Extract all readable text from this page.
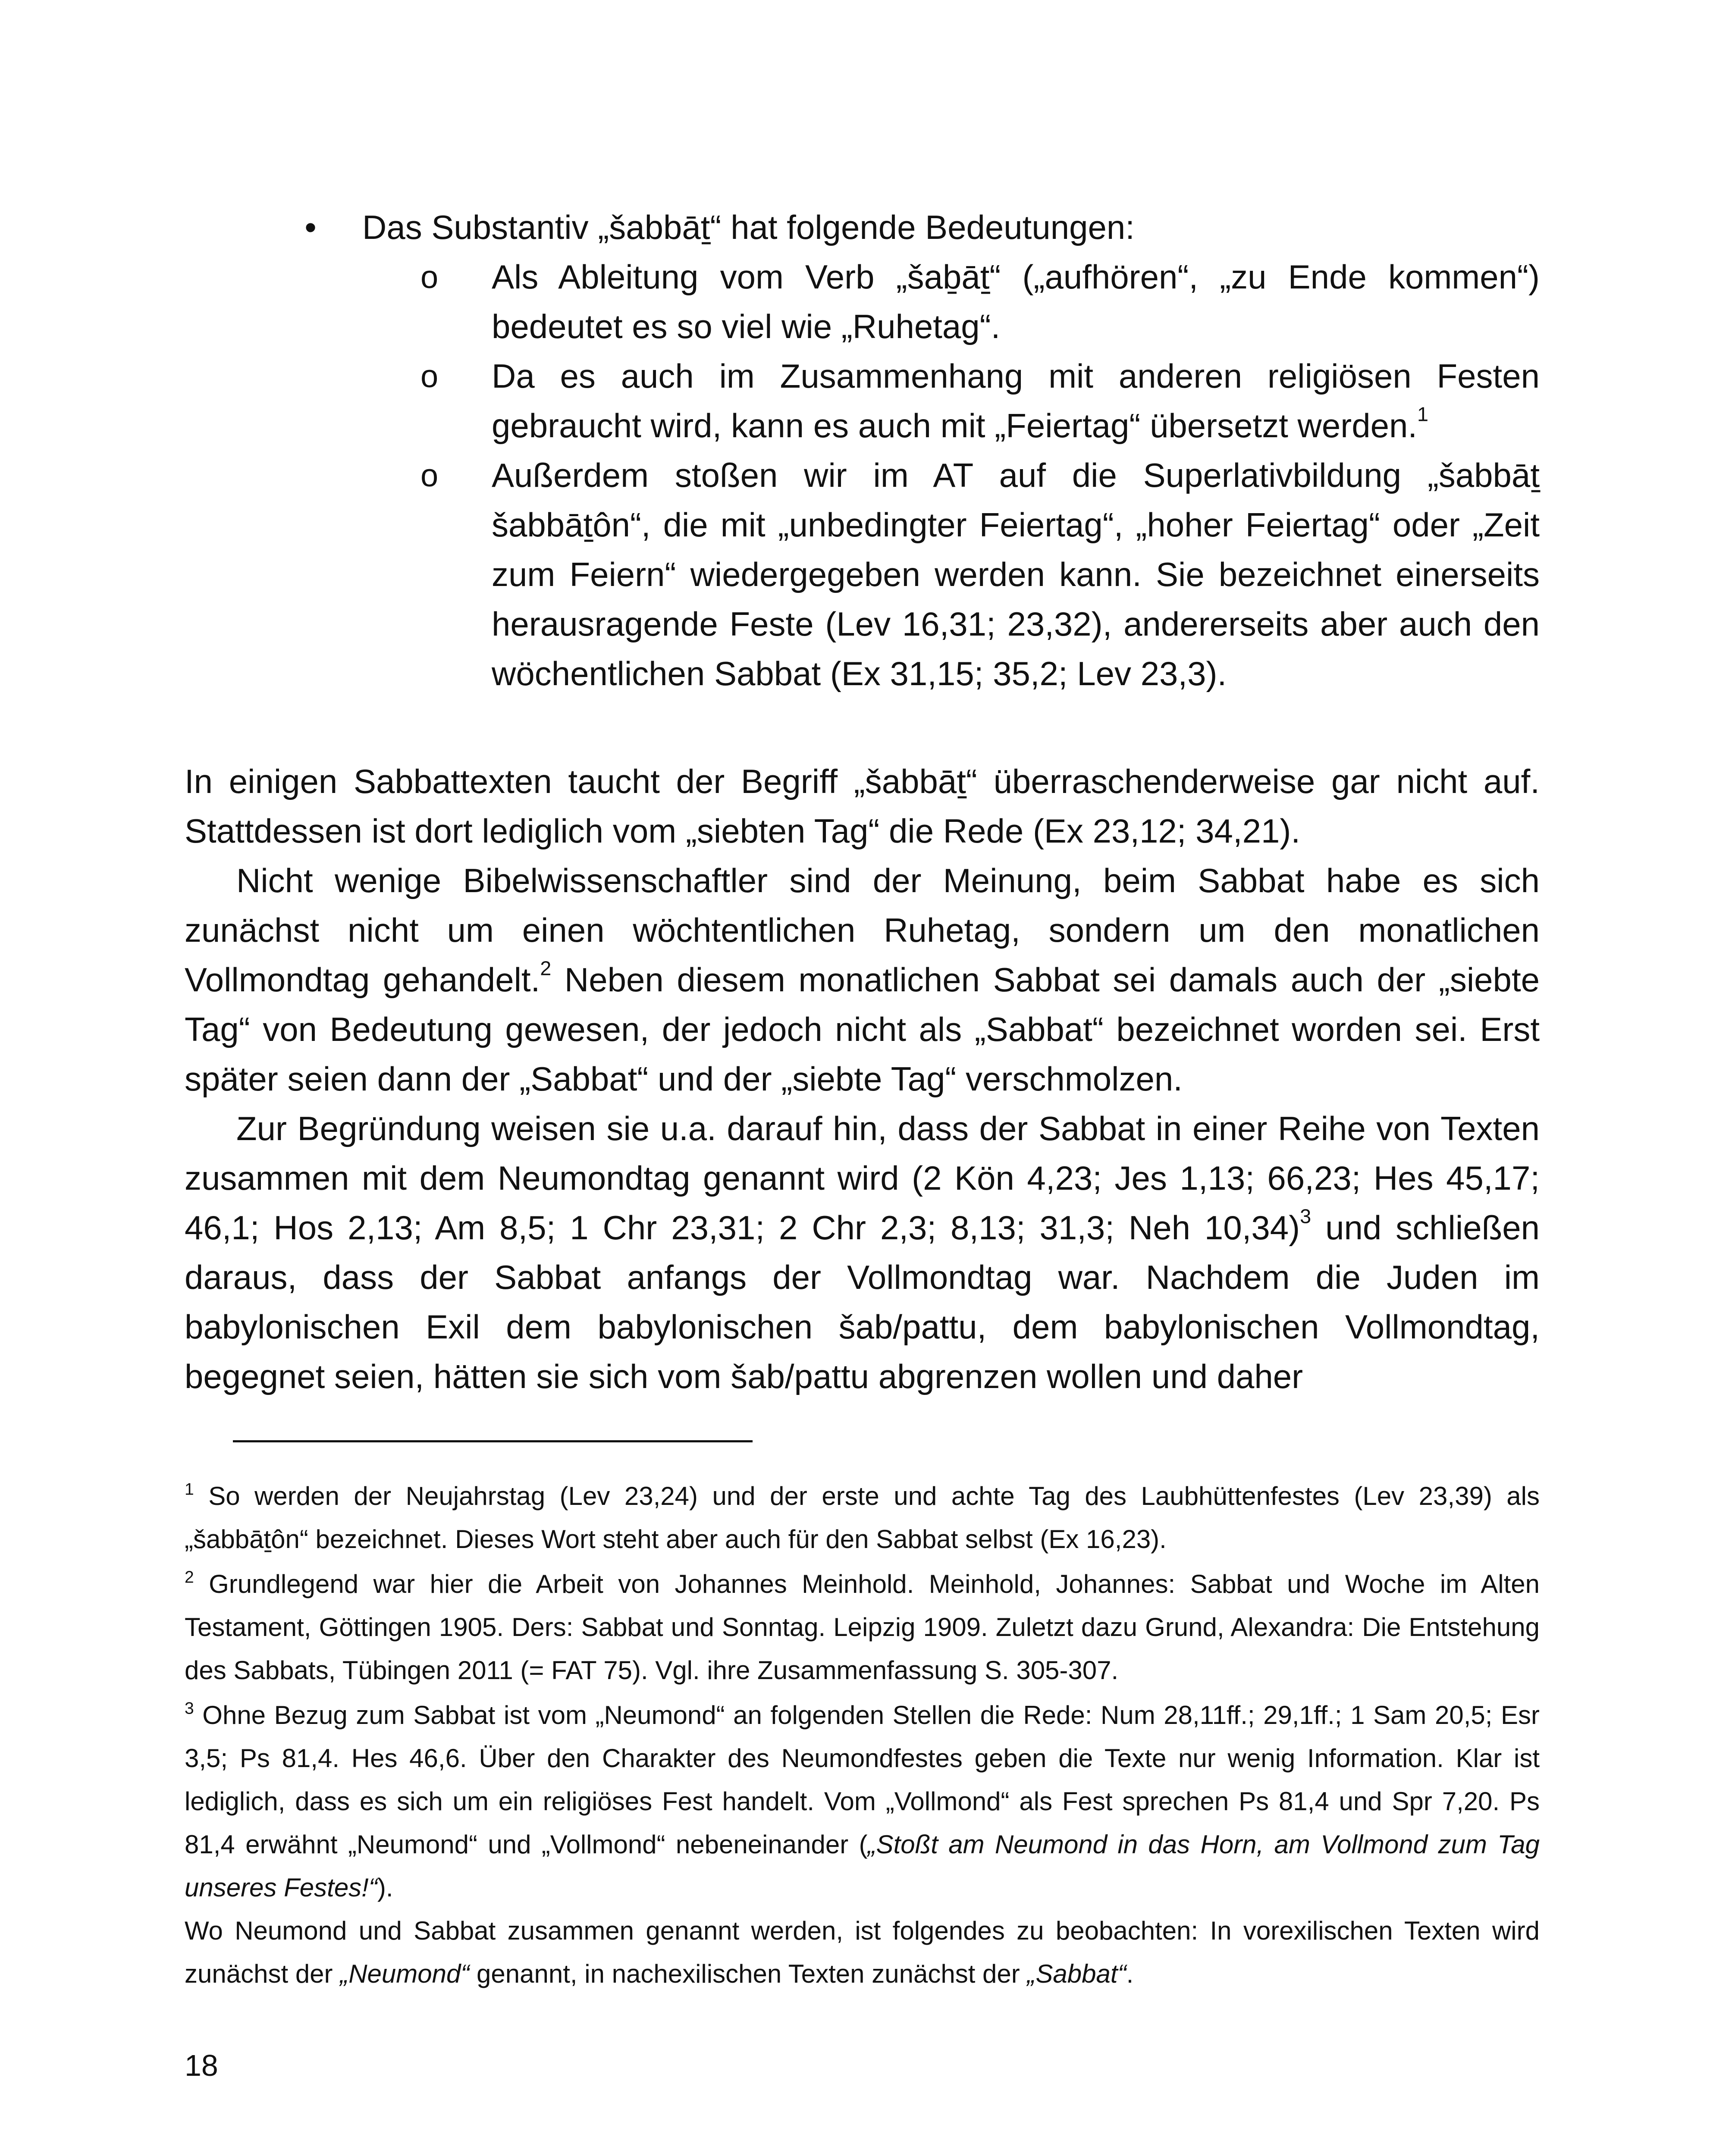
• Das Substantiv „šabbāṯ“ hat folgende Bedeutungen:
o Als Ableitung vom Verb „šaḇāṯ“ („aufhören“, „zu Ende kommen“) bedeutet es so viel wie „Ruhetag“.
o Da es auch im Zusammenhang mit anderen religiösen Festen gebraucht wird, kann es auch mit „Feiertag“ übersetzt werden.$^1$
o Außerdem stoßen wir im AT auf die Superlativbildung „šabbāṯ šabbāṯôn“, die mit „unbedingter Feiertag“, „hoher Feiertag“ oder „Zeit zum Feiern“ wiedergegeben werden kann. Sie bezeichnet einerseits herausragende Feste (Lev 16,31; 23,32), andererseits aber auch den wöchentlichen Sabbat (Ex 31,15; 35,2; Lev 23,3).

In einigen Sabbattexten taucht der Begriff „šabbāṯ“ überraschenderweise gar nicht auf. Stattdessen ist dort lediglich vom „siebten Tag“ die Rede (Ex 23,12; 34,21).

Nicht wenige Bibelwissenschaftler sind der Meinung, beim Sabbat habe es sich zunächst nicht um einen wöchtentlichen Ruhetag, sondern um den monatlichen Vollmondtag gehandelt.$^2$ Neben diesem monatlichen Sabbat sei damals auch der „siebte Tag“ von Bedeutung gewesen, der jedoch nicht als „Sabbat“ bezeichnet worden sei. Erst später seien dann der „Sabbat“ und der „siebte Tag“ verschmolzen.

Zur Begründung weisen sie u.a. darauf hin, dass der Sabbat in einer Reihe von Texten zusammen mit dem Neumondtag genannt wird (2 Kön 4,23; Jes 1,13; 66,23; Hes 45,17; 46,1; Hos 2,13; Am 8,5; 1 Chr 23,31; 2 Chr 2,3; 8,13; 31,3; Neh 10,34)$^3$ und schließen daraus, dass der Sabbat anfangs der Vollmondtag war. Nachdem die Juden im babylonischen Exil dem babylonischen šab/pattu, dem babylonischen Vollmondtag, begegnet seien, hätten sie sich vom šab/pattu abgrenzen wollen und daher

$^1$ So werden der Neujahrstag (Lev 23,24) und der erste und achte Tag des Laubhüttenfestes (Lev 23,39) als „šabbāṯôn“ bezeichnet. Dieses Wort steht aber auch für den Sabbat selbst (Ex 16,23).

$^2$ Grundlegend war hier die Arbeit von Johannes Meinhold. Meinhold, Johannes: Sabbat und Woche im Alten Testament, Göttingen 1905. Ders: Sabbat und Sonntag. Leipzig 1909. Zuletzt dazu Grund, Alexandra: Die Entstehung des Sabbats, Tübingen 2011 (= FAT 75). Vgl. ihre Zusammenfassung S. 305-307.

$^3$ Ohne Bezug zum Sabbat ist vom „Neumond“ an folgenden Stellen die Rede: Num 28,11ff.; 29,1ff.; 1 Sam 20,5; Esr 3,5; Ps 81,4. Hes 46,6. Über den Charakter des Neumondfestes geben die Texte nur wenig Information. Klar ist lediglich, dass es sich um ein religiöses Fest handelt. Vom „Vollmond“ als Fest sprechen Ps 81,4 und Spr 7,20. Ps 81,4 erwähnt „Neumond“ und „Vollmond“ nebeneinander („Stoßt am Neumond in das Horn, am Vollmond zum Tag unseres Festes!“).

Wo Neumond und Sabbat zusammen genannt werden, ist folgendes zu beobachten: In vorexilischen Texten wird zunächst der „Neumond“ genannt, in nachexilischen Texten zunächst der „Sabbat“.

18
